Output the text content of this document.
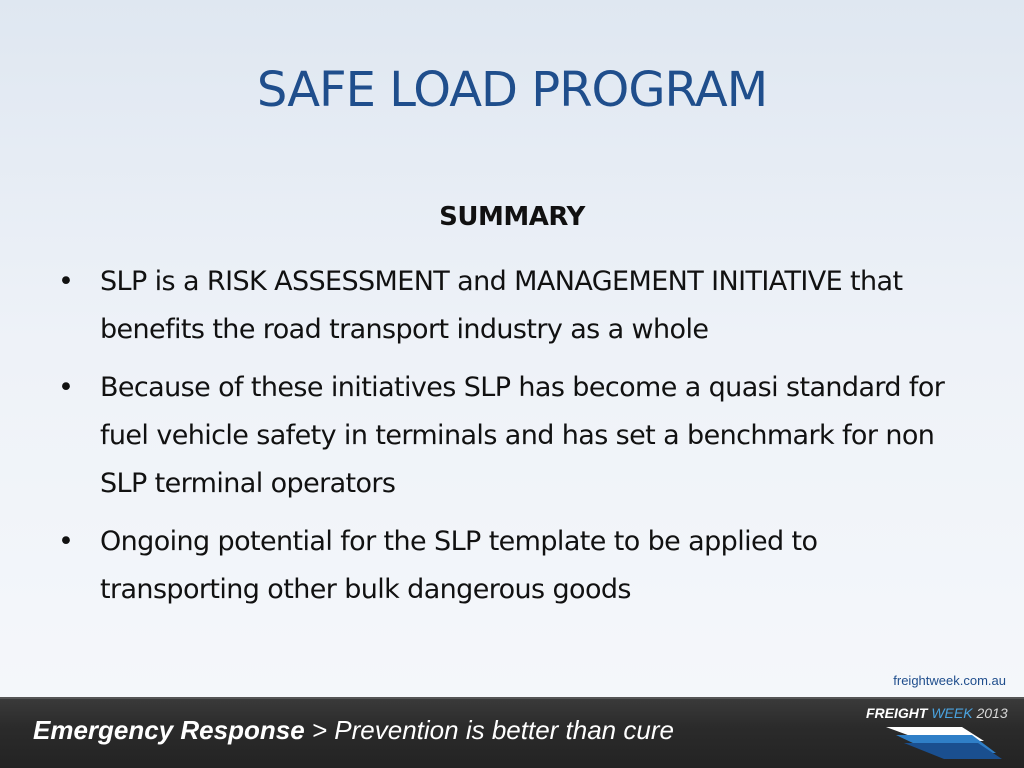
SAFE LOAD PROGRAM
SUMMARY
• SLP is a RISK ASSESSMENT and MANAGEMENT INITIATIVE that benefits the road transport industry as a whole
• Because of these initiatives SLP has become a quasi standard for fuel vehicle safety in terminals and has set a benchmark for non SLP terminal operators
• Ongoing potential for the SLP template to be applied to transporting other bulk dangerous goods
freightweek.com.au
Emergency Response > Prevention is better than cure
FREIGHT WEEK 2013
